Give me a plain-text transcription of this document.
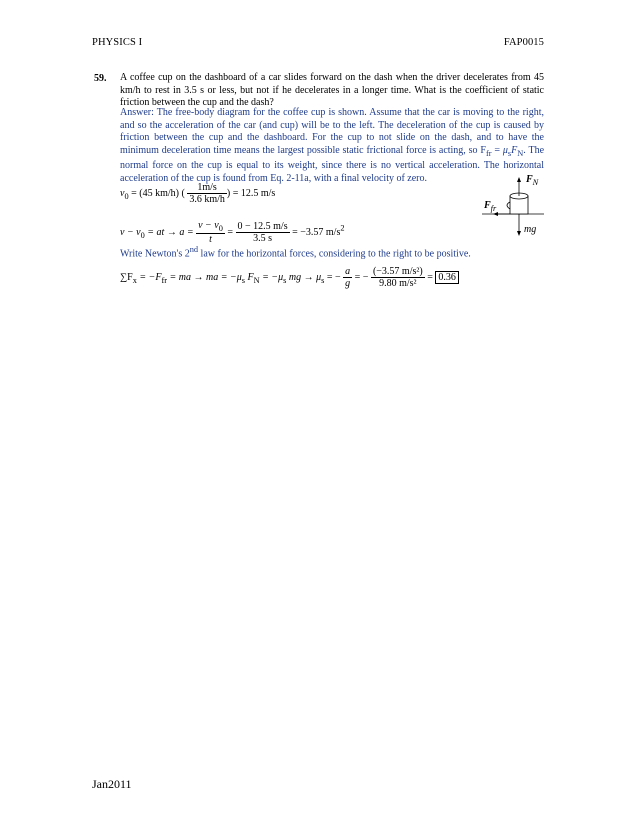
PHYSICS I	FAP0015
59. A coffee cup on the dashboard of a car slides forward on the dash when the driver decelerates from 45 km/h to rest in 3.5 s or less, but not if he decelerates in a longer time. What is the coefficient of static friction between the cup and the dash?
Answer: The free-body diagram for the coffee cup is shown. Assume that the car is moving to the right, and so the acceleration of the car (and cup) will be to the left. The deceleration of the cup is caused by friction between the cup and the dashboard. For the cup to not slide on the dash, and to have the minimum deceleration time means the largest possible static frictional force is acting, so $F_{fr} = \mu_sF_N$. The normal force on the cup is equal to its weight, since there is no vertical acceleration. The horizontal acceleration of the cup is found from Eq. 2-11a, with a final velocity of zero.
$v_0 = (45$ km/h) ( $\frac{1m/s}{3.6 km/h}$ ) = 12.5 m/s
$v - v_0$ = at → $a = \frac{v - v_0}{t} = \frac{0 - 12.5 m/s}{3.5 s} = -3.57$ $m/s^2$
Write Newton's 2nd law for the horizontal forces, considering to the right to be positive.
$\sum F_x = -F_{fr}$ = ma → ma = $-\mu_s$ $F_N = -\mu_s$ mg → $\mu_s$ = − $\frac{a}{g}$ = − $\frac{\text{(−3.57 m/s²)}}{\text{9.80 m/s²}} = 0.36$
$F_N$
$F_{fr}$
mg
Jan2011
